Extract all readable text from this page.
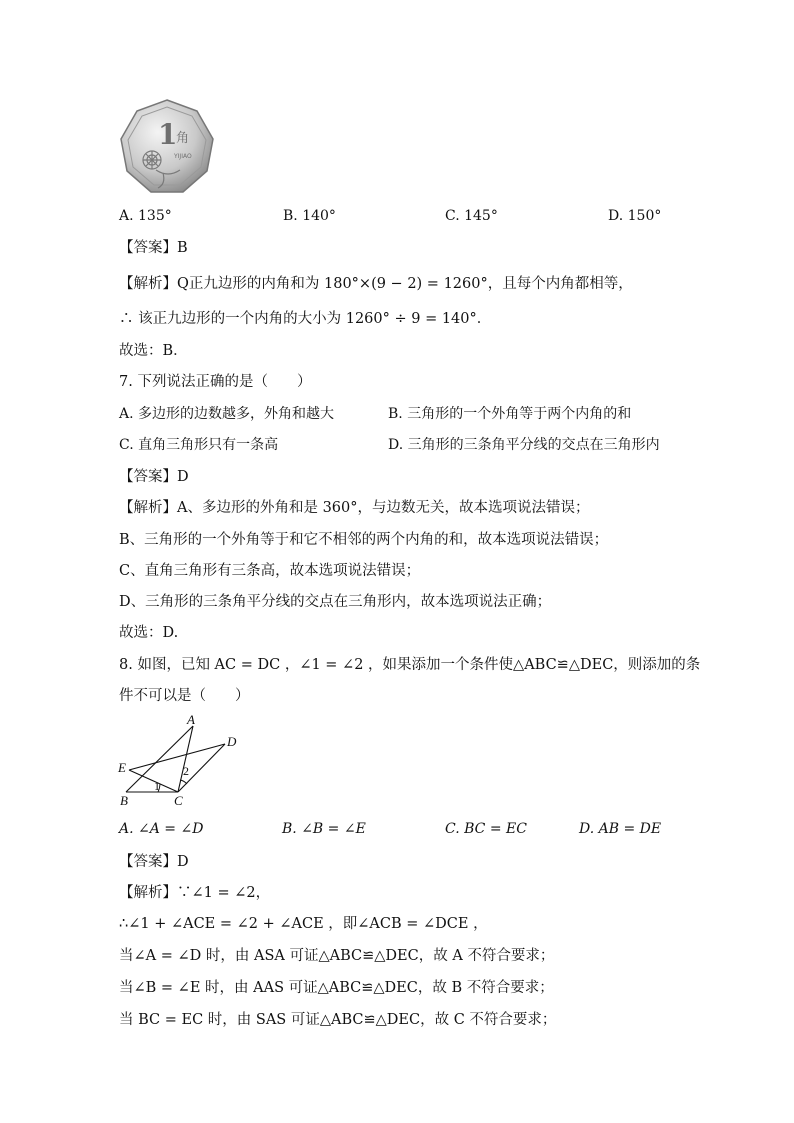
1
角
YIJIAO
A. 135°	B. 140°	C. 145°	D. 150°
【答案】B
【解析】Q正九边形的内角和为 180°×(9 − 2) = 1260°，且每个内角都相等，
∴ 该正九边形的一个内角的大小为 1260° ÷ 9 = 140°．
故选：B．
7. 下列说法正确的是（　　）
A. 多边形的边数越多，外角和越大	B. 三角形的一个外角等于两个内角的和
C. 直角三角形只有一条高	D. 三角形的三条角平分线的交点在三角形内
【答案】D
【解析】A、多边形的外角和是 360°，与边数无关，故本选项说法错误；
B、三角形的一个外角等于和它不相邻的两个内角的和，故本选项说法错误；
C、直角三角形有三条高，故本选项说法错误；
D、三角形的三条角平分线的交点在三角形内，故本选项说法正确；
故选：D.
8. 如图，已知 AC = DC ，∠1 = ∠2 ，如果添加一个条件使△ABC≌△DEC，则添加的条
件不可以是（　　）
A
D
E
B	C
1
2
A. ∠A = ∠D	B. ∠B = ∠E	C. BC = EC	D. AB = DE
【答案】D
【解析】∵∠1 = ∠2，
∴∠1 + ∠ACE = ∠2 + ∠ACE ，即∠ACB = ∠DCE ，
当∠A = ∠D 时，由 ASA 可证△ABC≌△DEC，故 A 不符合要求；
当∠B = ∠E 时，由 AAS 可证△ABC≌△DEC，故 B 不符合要求；
当 BC = EC 时，由 SAS 可证△ABC≌△DEC，故 C 不符合要求；
